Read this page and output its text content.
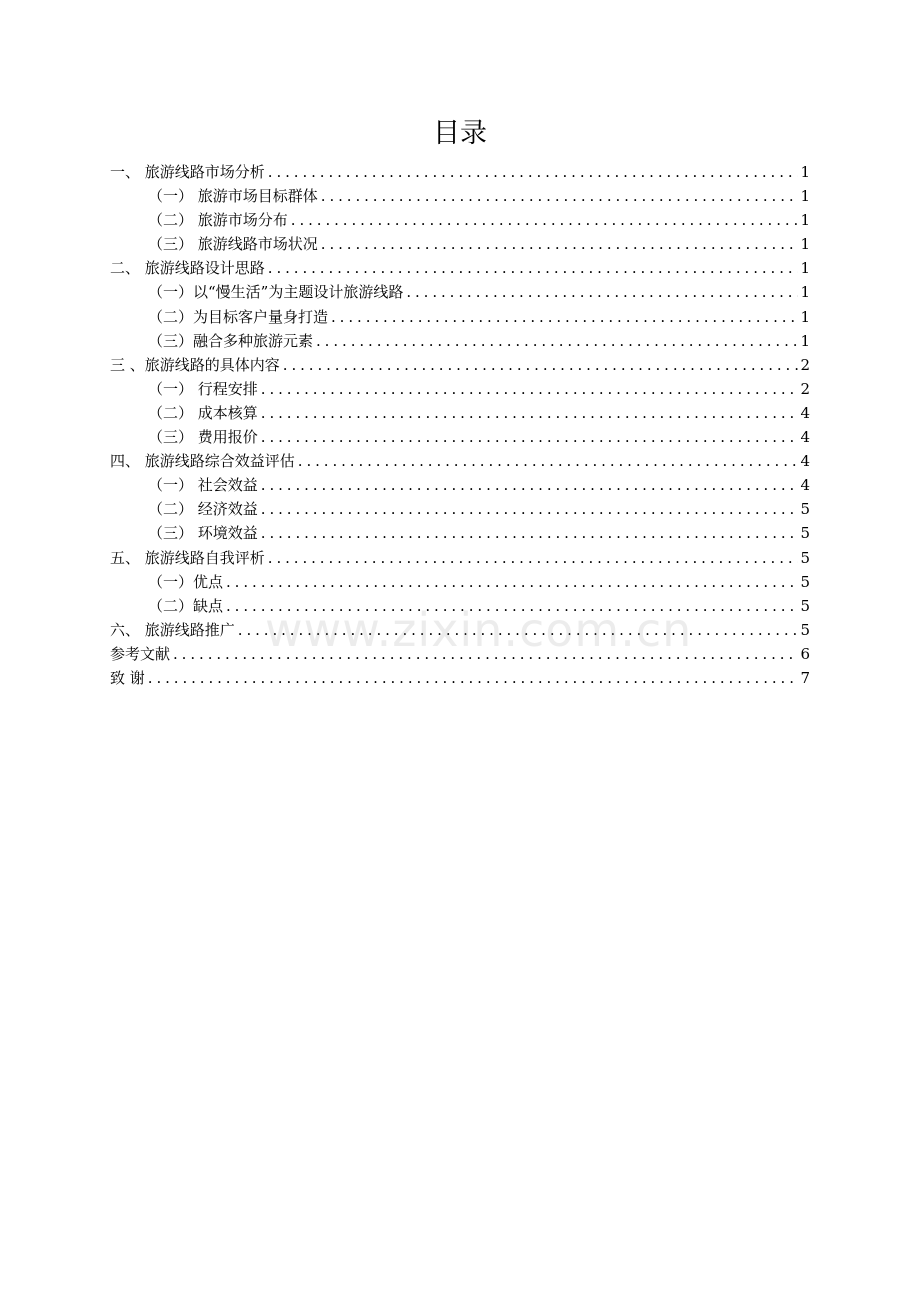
目录
一、 旅游线路市场分析 .....	1
（一） 旅游市场目标群体 .....	1
（二） 旅游市场分布 .....	1
（三） 旅游线路市场状况 .....	1
二、 旅游线路设计思路 .....	1
（一）以“慢生活”为主题设计旅游线路 .....	1
（二）为目标客户量身打造 .....	1
（三）融合多种旅游元素 .....	1
三 、旅游线路的具体内容 .....	2
（一） 行程安排 .....	2
（二） 成本核算 .....	4
（三） 费用报价 .....	4
四、 旅游线路综合效益评估 .....	4
（一） 社会效益 .....	4
（二） 经济效益 .....	5
（三） 环境效益 .....	5
五、 旅游线路自我评析 .....	5
（一）优点 .....	5
（二）缺点 .....	5
六、 旅游线路推广 .....	5
参考文献 .....	6
致 谢 .....	7
www.zixin.com.cn
